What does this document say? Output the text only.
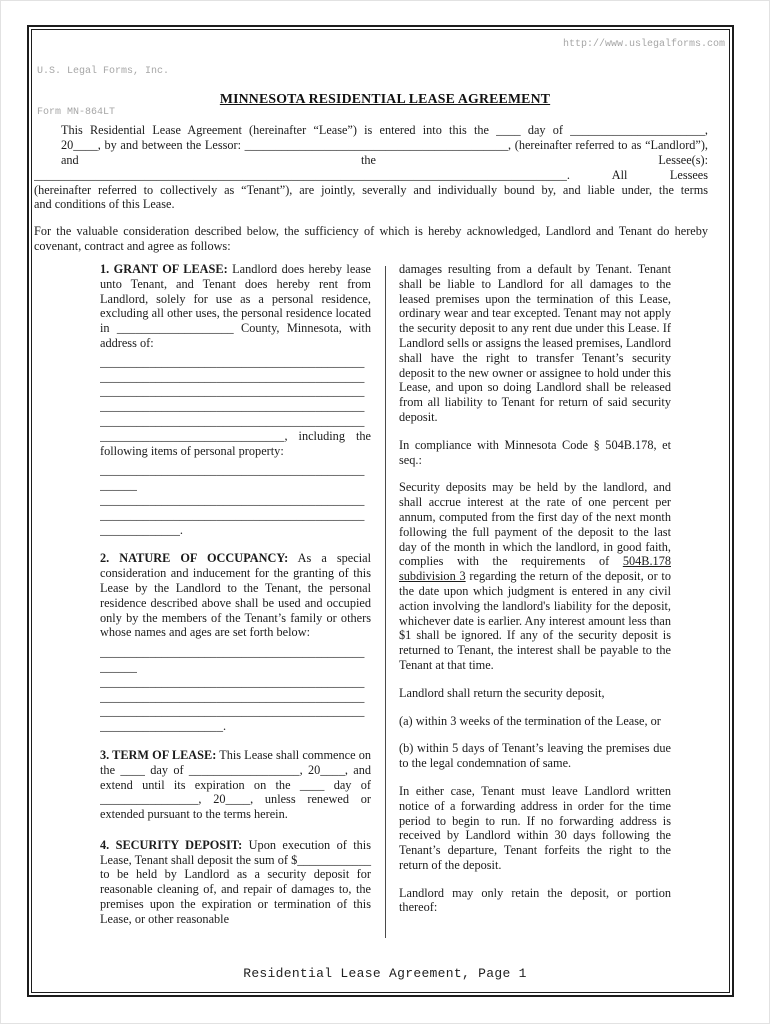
U.S. Legal Forms, Inc.

Form MN-864LT

http://www.uslegalforms.com
MINNESOTA RESIDENTIAL LEASE AGREEMENT
This Residential Lease Agreement (hereinafter “Lease”) is entered into this the ____ day of ______________________,
20____, by and between the Lessor: ___________________________________________, (hereinafter referred to as “Landlord”),
and	the	Lessee(s):
_______________________________________________________________________________________. All Lessees
(hereinafter referred to collectively as “Tenant”), are jointly, severally and individually bound by, and liable under, the terms
and conditions of this Lease.
For the valuable consideration described below, the sufficiency of which is hereby acknowledged, Landlord and Tenant do hereby covenant, contract and agree as follows:

1. GRANT OF LEASE: Landlord does hereby lease unto Tenant, and Tenant does hereby rent from Landlord, solely for use as a personal residence, excluding all other uses, the personal residence located in ___________________ County, Minnesota, with address of:

___________________________________________
___________________________________________
___________________________________________
___________________________________________
___________________________________________
______________________________, including the
following items of personal property:
___________________________________________
______
___________________________________________
___________________________________________
_____________.

2. NATURE OF OCCUPANCY: As a special consideration and inducement for the granting of this Lease by the Landlord to the Tenant, the personal residence described above shall be used and occupied only by the members of the Tenant’s family or others whose names and ages are set forth below:

___________________________________________
______
___________________________________________
___________________________________________
___________________________________________
____________________.

3. TERM OF LEASE: This Lease shall commence on the ____ day of __________________, 20____, and extend until its expiration on the ____ day of ________________, 20____, unless renewed or extended pursuant to the terms herein.

4. SECURITY DEPOSIT: Upon execution of this Lease, Tenant shall deposit the sum of $____________ to be held by Landlord as a security deposit for reasonable cleaning of, and repair of damages to, the premises upon the expiration or termination of this Lease, or other reasonable

damages resulting from a default by Tenant. Tenant shall be liable to Landlord for all damages to the leased premises upon the termination of this Lease, ordinary wear and tear excepted. Tenant may not apply the security deposit to any rent due under this Lease. If Landlord sells or assigns the leased premises, Landlord shall have the right to transfer Tenant’s security deposit to the new owner or assignee to hold under this Lease, and upon so doing Landlord shall be released from all liability to Tenant for return of said security deposit.

In compliance with Minnesota Code § 504B.178, et seq.:

Security deposits may be held by the landlord, and shall accrue interest at the rate of one percent per annum, computed from the first day of the next month following the full payment of the deposit to the last day of the month in which the landlord, in good faith, complies with the requirements of 504B.178 subdivision 3 regarding the return of the deposit, or to the date upon which judgment is entered in any civil action involving the landlord's liability for the deposit, whichever date is earlier. Any interest amount less than $1 shall be ignored. If any of the security deposit is returned to Tenant, the interest shall be payable to the Tenant at that time.

Landlord shall return the security deposit,

(a) within 3 weeks of the termination of the Lease, or

(b) within 5 days of Tenant’s leaving the premises due to the legal condemnation of same.

In either case, Tenant must leave Landlord written notice of a forwarding address in order for the time period to begin to run. If no forwarding address is received by Landlord within 30 days following the Tenant’s departure, Tenant forfeits the right to the return of the deposit.

Landlord may only retain the deposit, or portion thereof:

Residential Lease Agreement, Page 1
